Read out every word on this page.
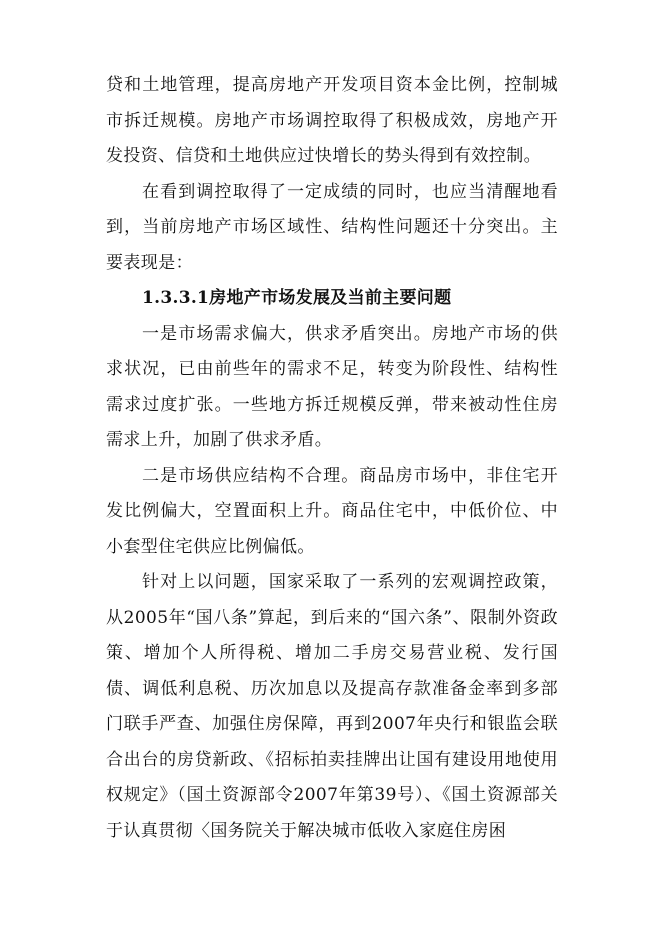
贷和土地管理，提高房地产开发项目资本金比例，控制城市拆迁规模。房地产市场调控取得了积极成效，房地产开发投资、信贷和土地供应过快增长的势头得到有效控制。

在看到调控取得了一定成绩的同时，也应当清醒地看到，当前房地产市场区域性、结构性问题还十分突出。主要表现是：

1.3.3.1房地产市场发展及当前主要问题

一是市场需求偏大，供求矛盾突出。房地产市场的供求状况，已由前些年的需求不足，转变为阶段性、结构性需求过度扩张。一些地方拆迁规模反弹，带来被动性住房需求上升，加剧了供求矛盾。

二是市场供应结构不合理。商品房市场中，非住宅开发比例偏大，空置面积上升。商品住宅中，中低价位、中小套型住宅供应比例偏低。

针对上以问题，国家采取了一系列的宏观调控政策，从2005年“国八条”算起，到后来的“国六条”、限制外资政策、增加个人所得税、增加二手房交易营业税、发行国债、调低利息税、历次加息以及提高存款准备金率到多部门联手严查、加强住房保障，再到2007年央行和银监会联合出台的房贷新政、《招标拍卖挂牌出让国有建设用地使用权规定》（国土资源部令2007年第39号）、《国土资源部关于认真贯彻〈国务院关于解决城市低收入家庭住房困
